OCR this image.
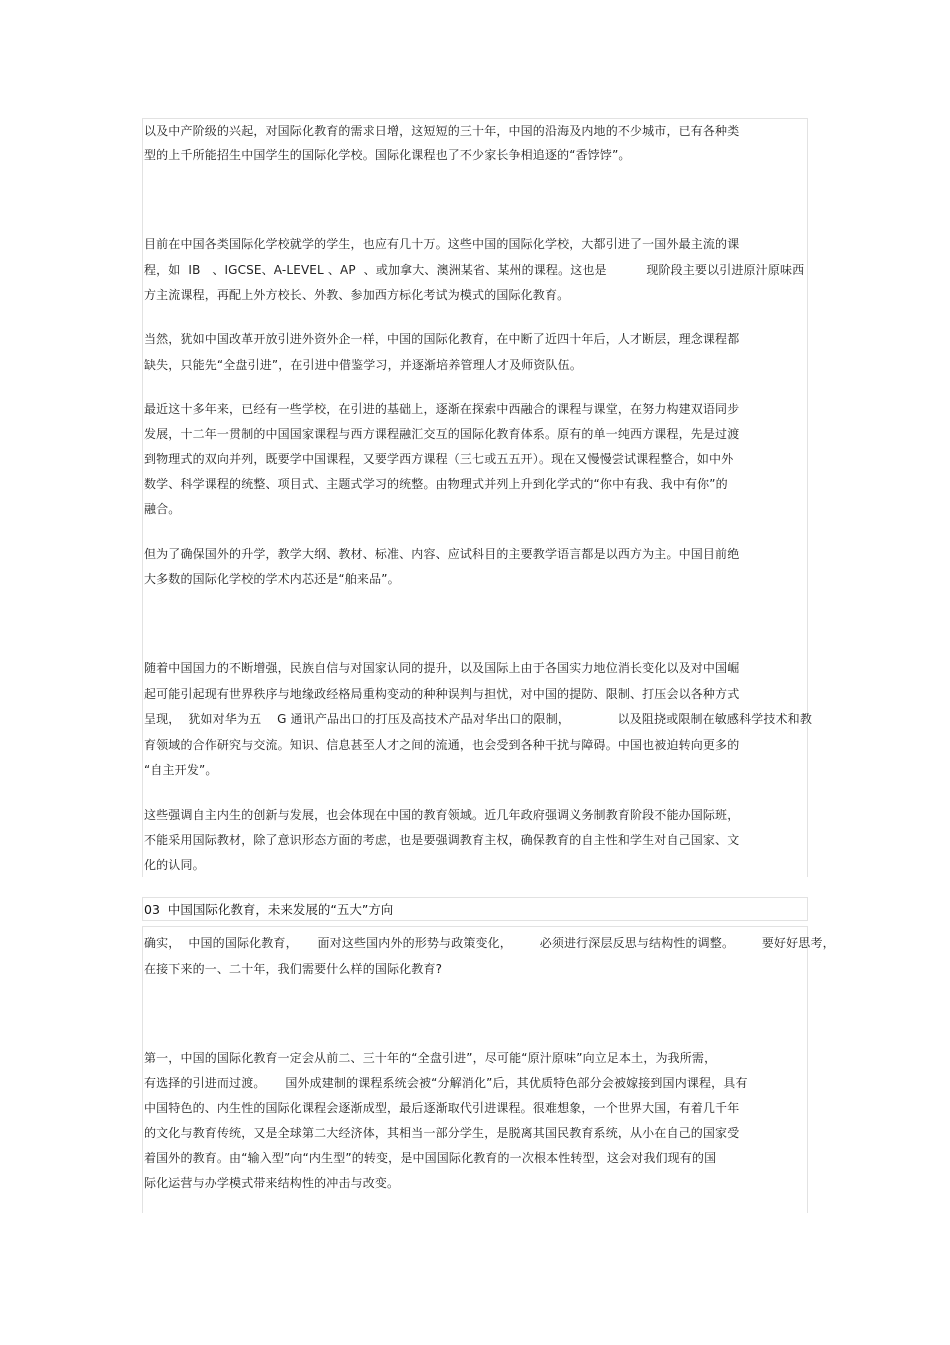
以及中产阶级的兴起，对国际化教育的需求日增，这短短的三十年，中国的沿海及内地的不少城市，已有各种类
型的上千所能招生中国学生的国际化学校。国际化课程也了不少家长争相追逐的“香饽饽”。
目前在中国各类国际化学校就学的学生，也应有几十万。这些中国的国际化学校，大都引进了一国外最主流的课
程，如  IB   、IGCSE、A-LEVEL 、AP  、或加拿大、澳洲某省、某州的课程。这也是          现阶段主要以引进原汁原味西
方主流课程，再配上外方校长、外教、参加西方标化考试为模式的国际化教育。
当然，犹如中国改革开放引进外资外企一样，中国的国际化教育，在中断了近四十年后，人才断层，理念课程都
缺失，只能先“全盘引进”，在引进中借鉴学习，并逐渐培养管理人才及师资队伍。
最近这十多年来，已经有一些学校，在引进的基础上，逐渐在探索中西融合的课程与课堂，在努力构建双语同步
发展，十二年一贯制的中国国家课程与西方课程融汇交互的国际化教育体系。原有的单一纯西方课程，先是过渡
到物理式的双向并列，既要学中国课程，又要学西方课程（三七或五五开）。现在又慢慢尝试课程整合，如中外
数学、科学课程的统整、项目式、主题式学习的统整。由物理式并列上升到化学式的“你中有我、我中有你”的
融合。
但为了确保国外的升学，教学大纲、教材、标准、内容、应试科目的主要教学语言都是以西方为主。中国目前绝
大多数的国际化学校的学术内芯还是“舶来品”。
随着中国国力的不断增强，民族自信与对国家认同的提升，以及国际上由于各国实力地位消长变化以及对中国崛
起可能引起现有世界秩序与地缘政经格局重构变动的种种误判与担忧，对中国的提防、限制、打压会以各种方式
呈现，  犹如对华为五    G 通讯产品出口的打压及高技术产品对华出口的限制，            以及阻挠或限制在敏感科学技术和教
育领域的合作研究与交流。知识、信息甚至人才之间的流通，也会受到各种干扰与障碍。中国也被迫转向更多的
“自主开发”。
这些强调自主内生的创新与发展，也会体现在中国的教育领域。近几年政府强调义务制教育阶段不能办国际班，
不能采用国际教材，除了意识形态方面的考虑，也是要强调教育主权，确保教育的自主性和学生对自己国家、文
化的认同。
03  中国国际化教育，未来发展的“五大”方向
确实，  中国的国际化教育，     面对这些国内外的形势与政策变化，       必须进行深层反思与结构性的调整。       要好好思考，
在接下来的一、二十年，我们需要什么样的国际化教育?
第一，中国的国际化教育一定会从前二、三十年的“全盘引进”，尽可能“原汁原味”向立足本土，为我所需，
有选择的引进而过渡。     国外成建制的课程系统会被“分解消化”后，其优质特色部分会被嫁接到国内课程，具有
中国特色的、内生性的国际化课程会逐渐成型，最后逐渐取代引进课程。很难想象，一个世界大国，有着几千年
的文化与教育传统，又是全球第二大经济体，其相当一部分学生，是脱离其国民教育系统，从小在自己的国家受
着国外的教育。由“输入型”向“内生型”的转变，是中国国际化教育的一次根本性转型，这会对我们现有的国
际化运营与办学模式带来结构性的冲击与改变。
